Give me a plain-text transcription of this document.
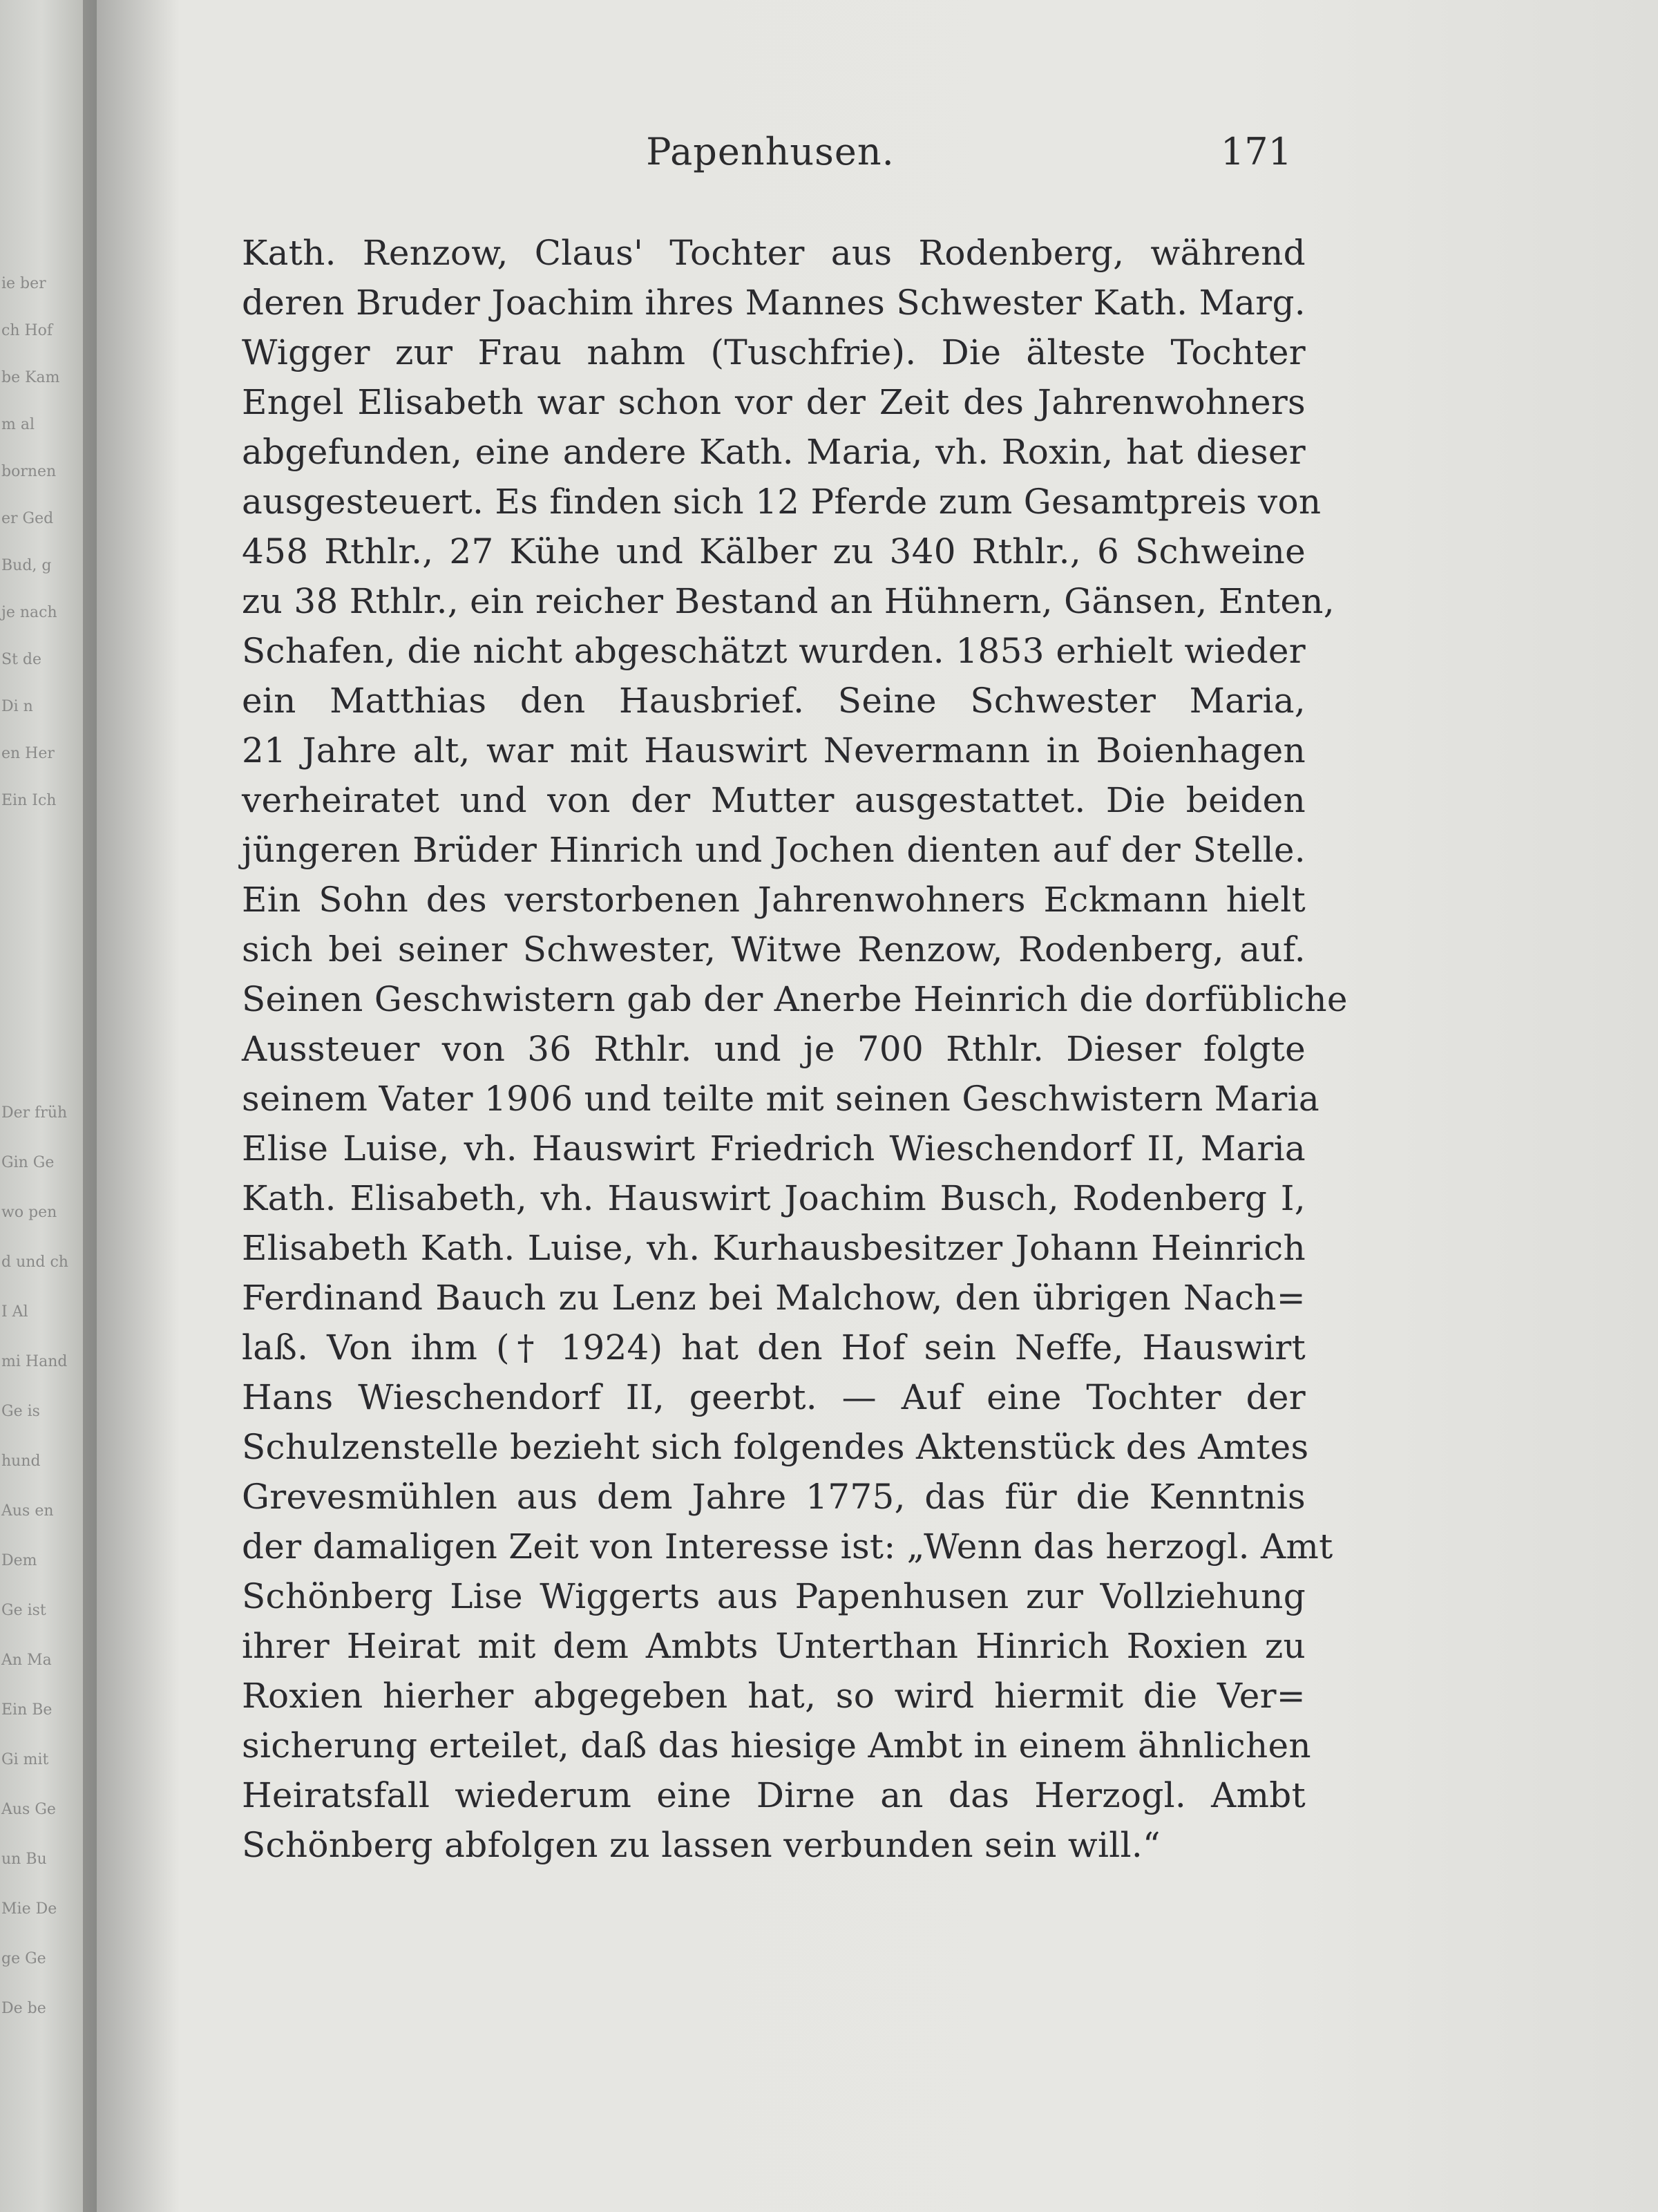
ie ber
ch Hof
be Kam
m al
bornen
er Ged
Bud, g
je nach
St de
Di n
en Her
Ein Ich
Der früh
Gin Ge
wo pen
d und ch
I Al
mi Hand
Ge is
hund
Aus en
Dem
Ge ist
An Ma
Ein Be
Gi mit
Aus Ge
un Bu
Mie De
ge Ge
De be
Papenhusen.	171
Kath. Renzow, Claus' Tochter aus Rodenberg, während
deren Bruder Joachim ihres Mannes Schwester Kath. Marg.
Wigger zur Frau nahm (Tuschfrie). Die älteste Tochter
Engel Elisabeth war schon vor der Zeit des Jahrenwohners
abgefunden, eine andere Kath. Maria, vh. Roxin, hat dieser
ausgesteuert. Es finden sich 12 Pferde zum Gesamtpreis von
458 Rthlr., 27 Kühe und Kälber zu 340 Rthlr., 6 Schweine
zu 38 Rthlr., ein reicher Bestand an Hühnern, Gänsen, Enten,
Schafen, die nicht abgeschätzt wurden. 1853 erhielt wieder
ein Matthias den Hausbrief. Seine Schwester Maria,
21 Jahre alt, war mit Hauswirt Nevermann in Boienhagen
verheiratet und von der Mutter ausgestattet. Die beiden
jüngeren Brüder Hinrich und Jochen dienten auf der Stelle.
Ein Sohn des verstorbenen Jahrenwohners Eckmann hielt
sich bei seiner Schwester, Witwe Renzow, Rodenberg, auf.
Seinen Geschwistern gab der Anerbe Heinrich die dorfübliche
Aussteuer von 36 Rthlr. und je 700 Rthlr. Dieser folgte
seinem Vater 1906 und teilte mit seinen Geschwistern Maria
Elise Luise, vh. Hauswirt Friedrich Wieschendorf II, Maria
Kath. Elisabeth, vh. Hauswirt Joachim Busch, Rodenberg I,
Elisabeth Kath. Luise, vh. Kurhausbesitzer Johann Heinrich
Ferdinand Bauch zu Lenz bei Malchow, den übrigen Nach=
laß. Von ihm († 1924) hat den Hof sein Neffe, Hauswirt
Hans Wieschendorf II, geerbt. — Auf eine Tochter der
Schulzenstelle bezieht sich folgendes Aktenstück des Amtes
Grevesmühlen aus dem Jahre 1775, das für die Kenntnis
der damaligen Zeit von Interesse ist: „Wenn das herzogl. Amt
Schönberg Lise Wiggerts aus Papenhusen zur Vollziehung
ihrer Heirat mit dem Ambts Unterthan Hinrich Roxien zu
Roxien hierher abgegeben hat, so wird hiermit die Ver=
sicherung erteilet, daß das hiesige Ambt in einem ähnlichen
Heiratsfall wiederum eine Dirne an das Herzogl. Ambt
Schönberg abfolgen zu lassen verbunden sein will.“
